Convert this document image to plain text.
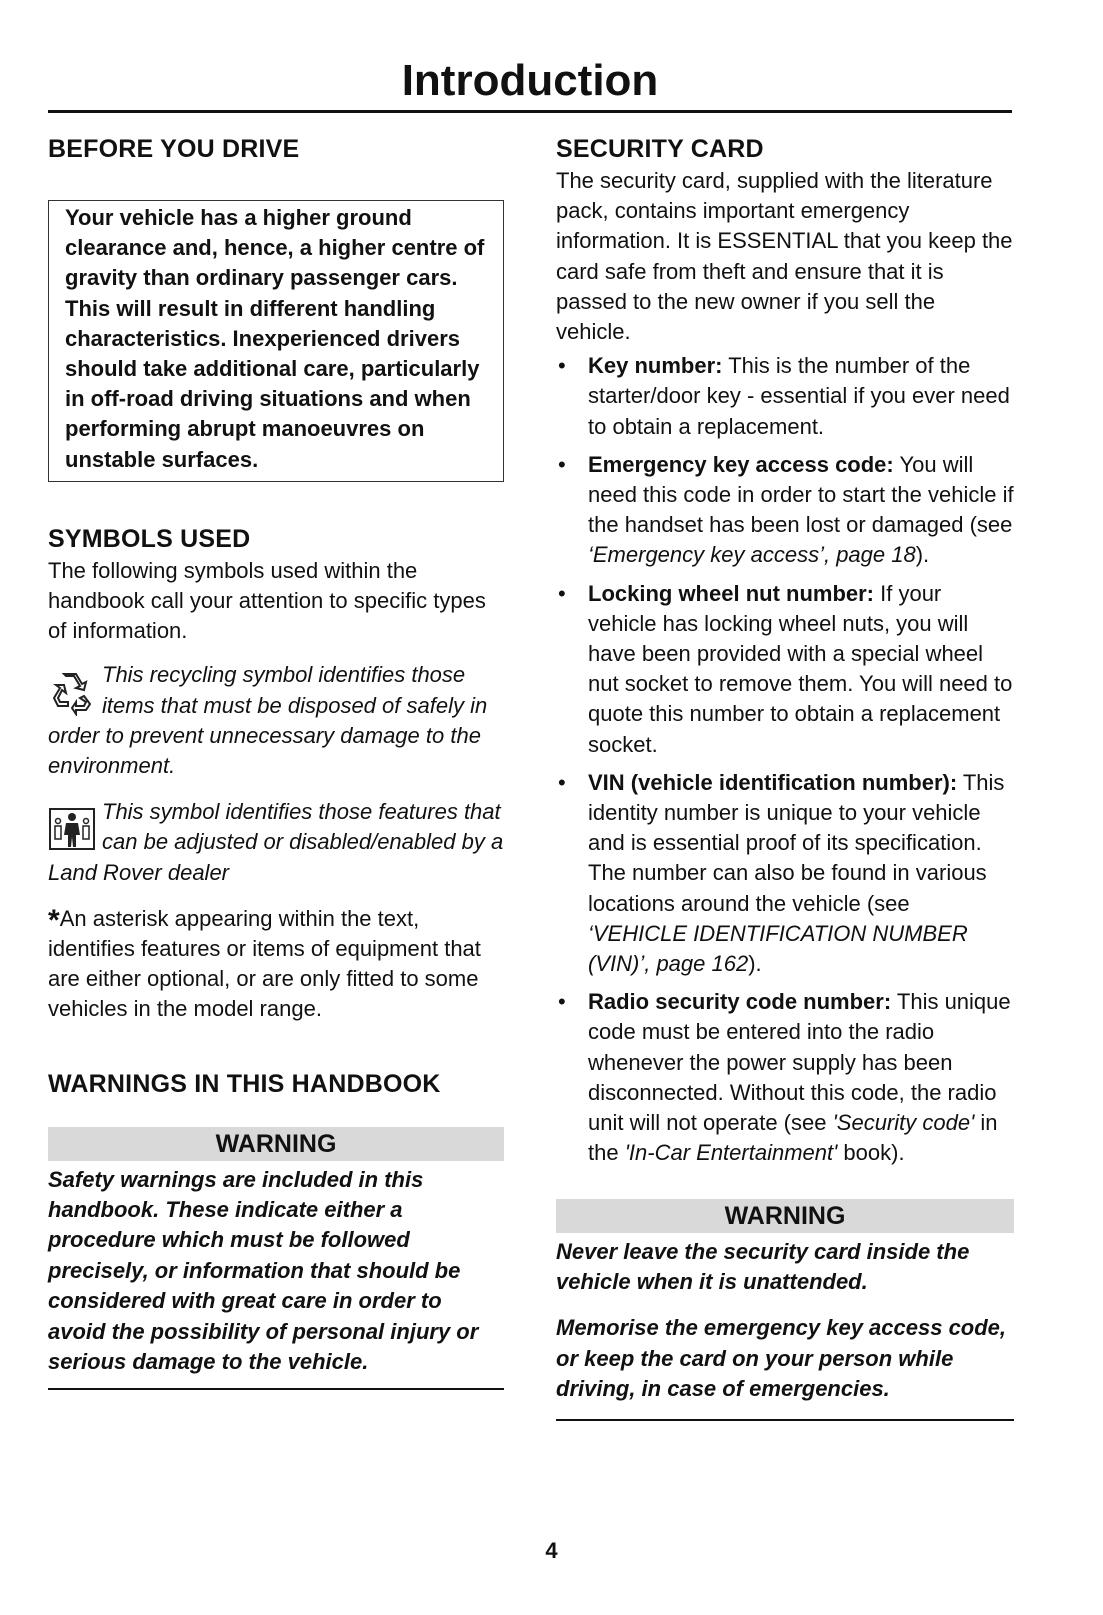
Introduction
BEFORE YOU DRIVE
Your vehicle has a higher ground clearance and, hence, a higher centre of gravity than ordinary passenger cars. This will result in different handling characteristics. Inexperienced drivers should take additional care, particularly in off-road driving situations and when performing abrupt manoeuvres on unstable surfaces.
SYMBOLS USED

The following symbols used within the handbook call your attention to specific types of information.

This recycling symbol identifies those items that must be disposed of safely in order to prevent unnecessary damage to the environment.

This symbol identifies those features that can be adjusted or disabled/enabled by a Land Rover dealer

*An asterisk appearing within the text, identifies features or items of equipment that are either optional, or are only fitted to some vehicles in the model range.

WARNINGS IN THIS HANDBOOK
WARNING

Safety warnings are included in this handbook. These indicate either a procedure which must be followed precisely, or information that should be considered with great care in order to avoid the possibility of personal injury or serious damage to the vehicle.

SECURITY CARD

The security card, supplied with the literature pack, contains important emergency information. It is ESSENTIAL that you keep the card safe from theft and ensure that it is passed to the new owner if you sell the vehicle.

• Key number: This is the number of the starter/door key - essential if you ever need to obtain a replacement.
• Emergency key access code: You will need this code in order to start the vehicle if the handset has been lost or damaged (see ‘Emergency key access’, page 18).
• Locking wheel nut number: If your vehicle has locking wheel nuts, you will have been provided with a special wheel nut socket to remove them. You will need to quote this number to obtain a replacement socket.
• VIN (vehicle identification number): This identity number is unique to your vehicle and is essential proof of its specification. The number can also be found in various locations around the vehicle (see ‘VEHICLE IDENTIFICATION NUMBER (VIN)’, page 162).
• Radio security code number: This unique code must be entered into the radio whenever the power supply has been disconnected. Without this code, the radio unit will not operate (see 'Security code' in the 'In-Car Entertainment' book).
WARNING

Never leave the security card inside the vehicle when it is unattended.

Memorise the emergency key access code, or keep the card on your person while driving, in case of emergencies.

4
